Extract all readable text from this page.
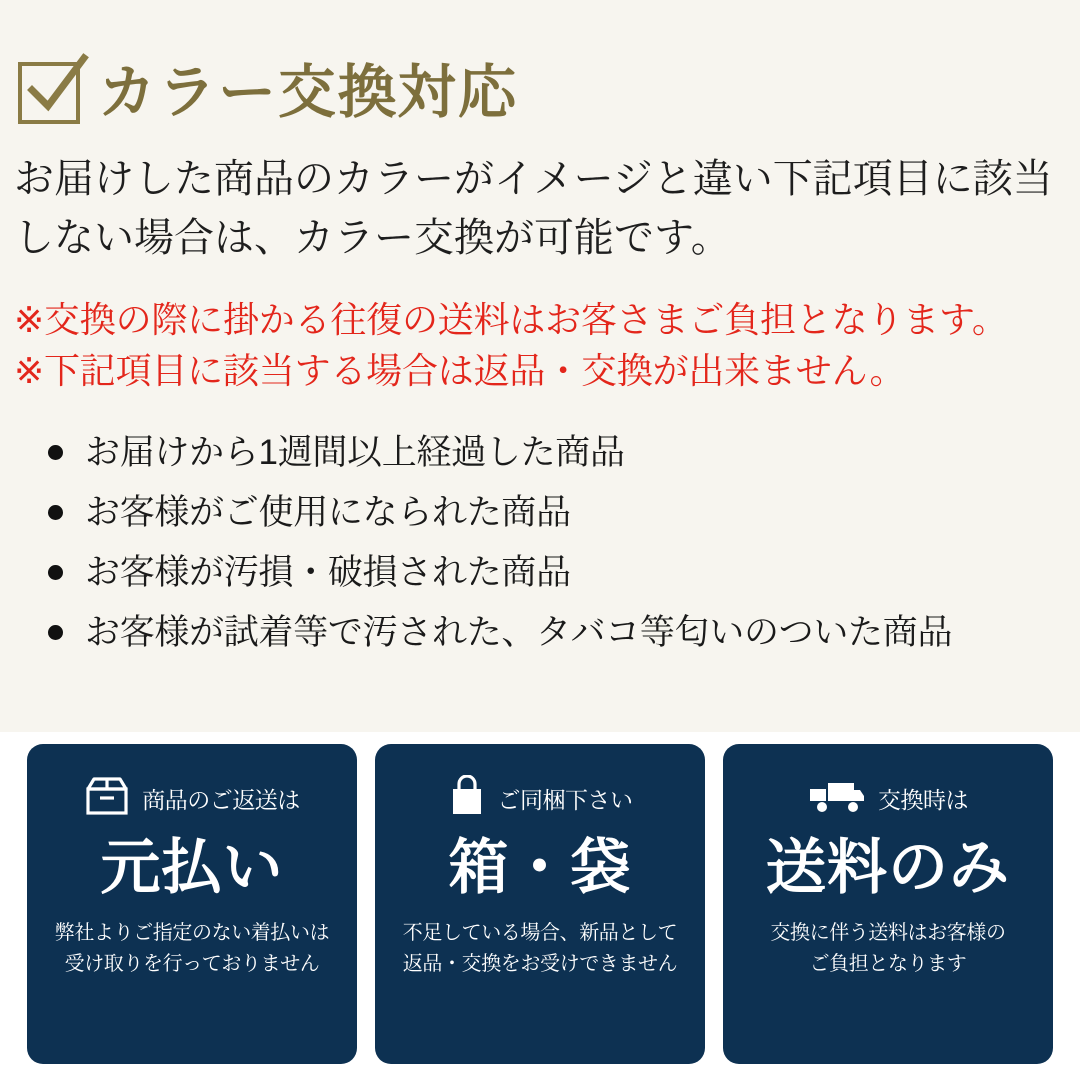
カラー交換対応
お届けした商品のカラーがイメージと違い下記項目に該当
しない場合は、カラー交換が可能です。
※交換の際に掛かる往復の送料はお客さまご負担となります。
※下記項目に該当する場合は返品・交換が出来ません。
お届けから1週間以上経過した商品
お客様がご使用になられた商品
お客様が汚損・破損された商品
お客様が試着等で汚された、タバコ等匂いのついた商品
商品のご返送は
元払い
弊社よりご指定のない着払いは
受け取りを行っておりません
ご同梱下さい
箱・袋
不足している場合、新品として
返品・交換をお受けできません
交換時は
送料のみ
交換に伴う送料はお客様の
ご負担となります
